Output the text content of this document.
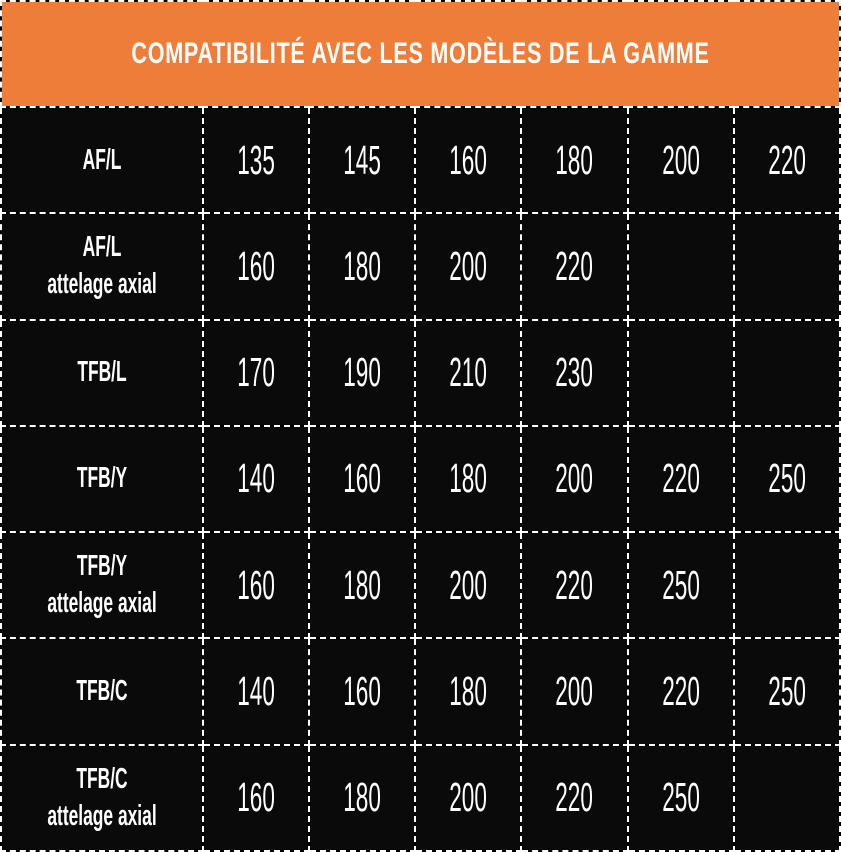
COMPATIBILITÉ AVEC LES MODÈLES DE LA GAMME						

AF/L	135	145	160	180	200	220

AF/L
attelage axial	160	180	200	220		

TFB/L	170	190	210	230		

TFB/Y	140	160	180	200	220	250

TFB/Y
attelage axial	160	180	200	220	250	

TFB/C	140	160	180	200	220	250

TFB/C
attelage axial	160	180	200	220	250	
